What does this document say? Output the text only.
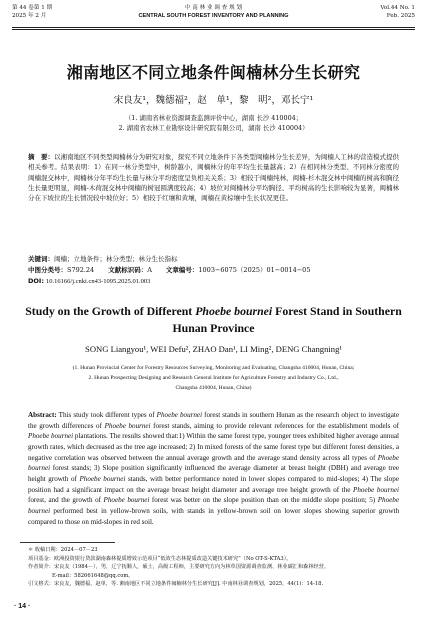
第 44 卷第 1 期
2025 年 2 月
中 南 林 业 调 查 规 划
CENTRAL SOUTH FOREST INVENTORY AND PLANNING
Vol.44 No. 1
Feb. 2025
湘南地区不同立地条件闽楠林分生长研究
宋良友¹，魏德福²，赵　单¹，黎　明²，邓长宁¹
（1. 湖南省林业资源调查监测评价中心，湖南 长沙 410004；
2. 湖南省农林工业勘察设计研究院有限公司，湖南 长沙 410004）
摘　要：以湘南地区不同类型闽楠林分为研究对象，探究不同立地条件下各类型闽楠林分生长差异，为闽楠人工林的营造模式提供相关参考。结果表明：1）在同一林分类型中，树龄越小，闽楠林分的年平均生长量越高；2）在相同林分类型、不同林分密度的闽楠混交林中，闽楠林分年平均生长量与林分平均密度呈负相关关系；3）相较于闽楠纯林，闽楠-杉木混交林中闽楠的树高和胸径生长量更明显，闽楠-木荷混交林中闽楠的树冠圆满度较高；4）坡位对闽楠林分平均胸径、平均树高的生长影响较为显著，闽楠林分在下坡位的生长情况较中坡位好；5）相较于红壤和黄壤，闽楠在黄棕壤中生长状况更佳。
关键词：闽楠；立地条件；林分类型；林分生长指标
中图分类号：S792.24 文献标识码：A 文章编号：1003−6075（2025）01−0014−05
DOI: 10.16166/j.cnki.cn43-1095.2025.01.003
Study on the Growth of Different Phoebe bournei Forest Stand in Southern Hunan Province
SONG Liangyou¹, WEI Defu², ZHAO Dan¹, LI Ming², DENG Changning¹
(1. Hunan Provincial Center for Forestry Resources Surveying, Monitoring and Evaluating, Changsha 410004, Hunan, China;
2. Hunan Prospecting Designing and Research General Institute for Agriculture Forestry and Industry Co., Ltd.,
Changsha 410004, Hunan, China)
Abstract: This study took different types of Phoebe bournei forest stands in southern Hunan as the research object to investigate the growth differences of Phoebe bournei forest stands, aiming to provide relevant references for the establishment models of Phoebe bournei plantations. The results showed that:1) Within the same forest type, younger trees exhibited higher average annual growth rates, which decreased as the tree age increased; 2) In mixed forests of the same forest type but different forest densities, a negative correlation was observed between the annual average growth and the average stand density across all types of Phoebe bournei forest stands; 3) Slope position significantly influenced the average diameter at breast height (DBH) and average tree height growth of Phoebe bournei stands, with better performance noted in lower slopes compared to mid-slopes; 4) The slope position had a significant impact on the average breast height diameter and average tree height growth of the Phoebe bournei forest, and the growth of Phoebe bournei forest was better on the slope position than on the middle slope position; 5) Phoebe bournei performed best in yellow-brown soils, with stands in yellow-brown soil on lower slopes showing superior growth compared to those on mid-slopes in red soil.
＊ 收稿日期：2024－07－23
项目基金：欧洲投资银行贷款湖南森林提质增效示范项目“低效生态林提质改造关键技术研究”（No OT-S-KTA3）。
作者简介：宋良友（1984－），男，辽宁抚顺人，硕士，高级工程师，主要研究方向为林草国资源调查监测、林业碳汇和森林经营。
E-mail：582661648@qq.com。
引文格式：宋良友，魏德福，赵单，等. 湘南地区不同立地条件闽楠林分生长研究[J]. 中南林业调查规划，2025，44(1)：14-18.
· 14 ·
